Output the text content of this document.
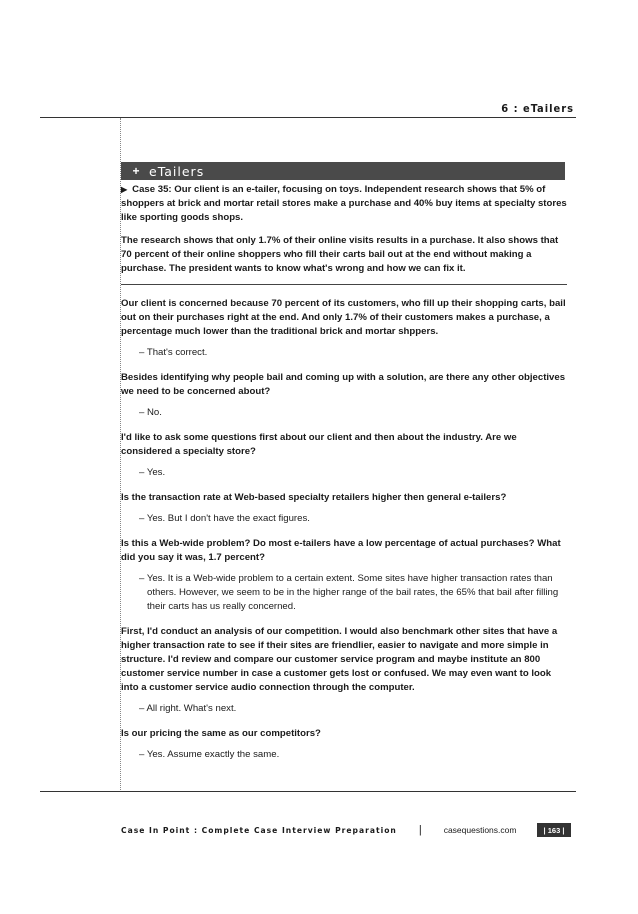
6 : eTailers
+ eTailers

▶ Case 35: Our client is an e-tailer, focusing on toys. Independent research shows that 5% of shoppers at brick and mortar retail stores make a purchase and 40% buy items at specialty stores like sporting goods shops.

The research shows that only 1.7% of their online visits results in a purchase. It also shows that 70 percent of their online shoppers who fill their carts bail out at the end without making a purchase. The president wants to know what's wrong and how we can fix it.

Our client is concerned because 70 percent of its customers, who fill up their shopping carts, bail out on their purchases right at the end. And only 1.7% of their customers makes a purchase, a percentage much lower than the traditional brick and mortar shppers.

– That's correct.

Besides identifying why people bail and coming up with a solution, are there any other objectives we need to be concerned about?

– No.

I'd like to ask some questions first about our client and then about the industry. Are we considered a specialty store?

– Yes.

Is the transaction rate at Web-based specialty retailers higher then general e-tailers?

– Yes. But I don't have the exact figures.

Is this a Web-wide problem? Do most e-tailers have a low percentage of actual purchases? What did you say it was, 1.7 percent?

– Yes. It is a Web-wide problem to a certain extent. Some sites have higher transaction rates than others. However, we seem to be in the higher range of the bail rates, the 65% that bail after filling their carts has us really concerned.

First, I'd conduct an analysis of our competition. I would also benchmark other sites that have a higher transaction rate to see if their sites are friendlier, easier to navigate and more simple in structure. I'd review and compare our customer service program and maybe institute an 800 customer service number in case a customer gets lost or confused. We may even want to look into a customer service audio connection through the computer.

– All right. What's next.

Is our pricing the same as our competitors?

– Yes. Assume exactly the same.

Case In Point : Complete Case Interview Preparation |	casequestions.com	| 163 |
